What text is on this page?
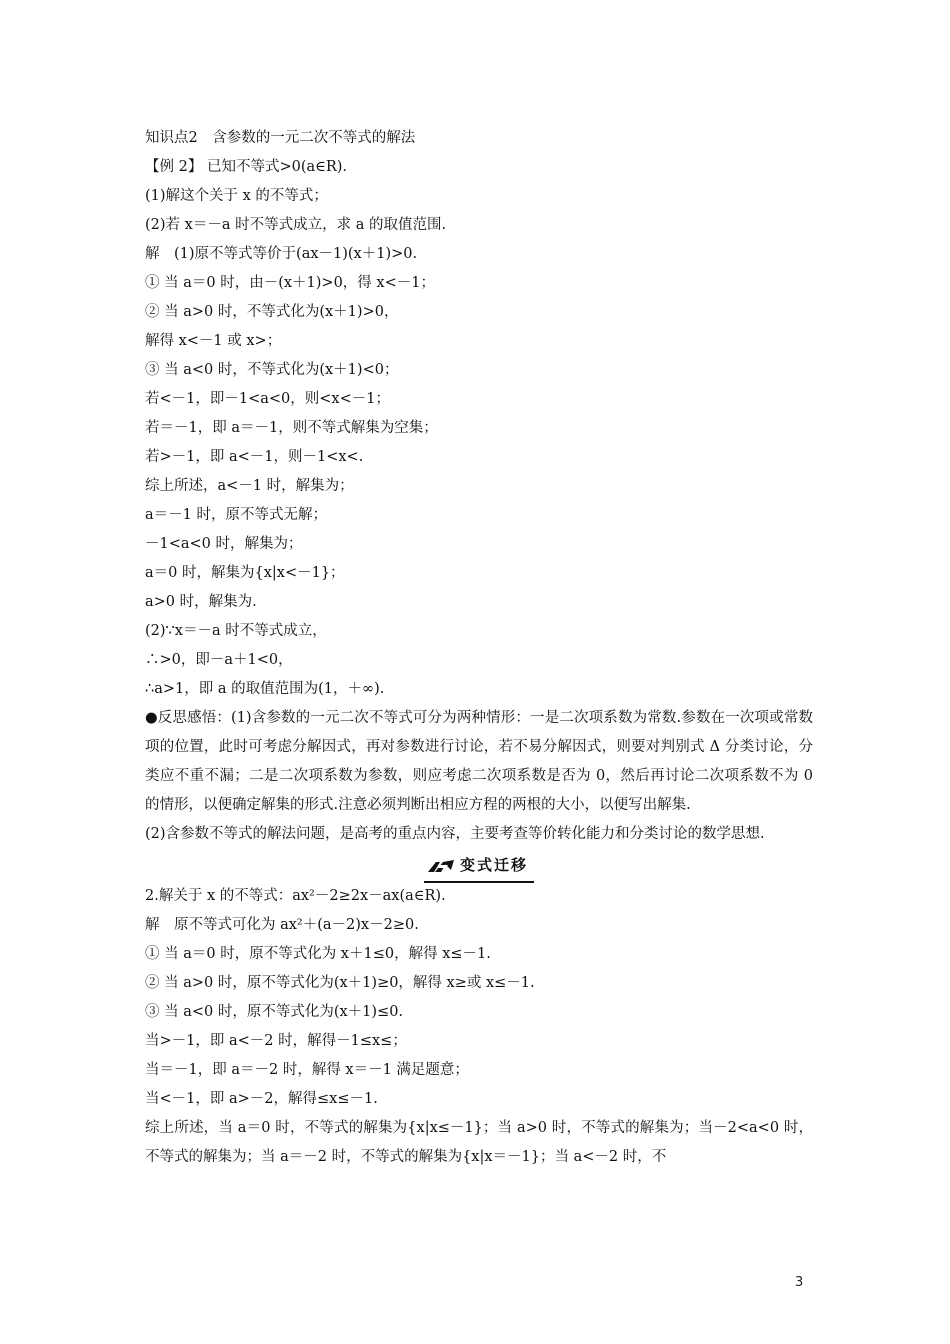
知识点2　含参数的一元二次不等式的解法
【例 2】 已知不等式>0(a∈R).
(1)解这个关于 x 的不等式；
(2)若 x＝－a 时不等式成立，求 a 的取值范围.
解　(1)原不等式等价于(ax－1)(x＋1)>0.
① 当 a＝0 时，由－(x＋1)>0，得 x<－1；
② 当 a>0 时，不等式化为(x＋1)>0，
解得 x<－1 或 x>；
③ 当 a<0 时，不等式化为(x＋1)<0；
若<－1，即－1<a<0，则<x<－1；
若＝－1，即 a＝－1，则不等式解集为空集；
若>－1，即 a<－1，则－1<x<.
综上所述，a<－1 时，解集为；
a＝－1 时，原不等式无解；
－1<a<0 时，解集为；
a＝0 时，解集为{x|x<－1}；
a>0 时，解集为.
(2)∵x＝－a 时不等式成立，
∴>0，即－a＋1<0，
∴a>1，即 a 的取值范围为(1，＋∞).
●反思感悟：(1)含参数的一元二次不等式可分为两种情形：一是二次项系数为常数.参数在一次项或常数项的位置，此时可考虑分解因式，再对参数进行讨论，若不易分解因式，则要对判别式 Δ 分类讨论，分类应不重不漏；二是二次项系数为参数，则应考虑二次项系数是否为 0，然后再讨论二次项系数不为 0 的情形，以便确定解集的形式.注意必须判断出相应方程的两根的大小，以便写出解集.
(2)含参数不等式的解法问题，是高考的重点内容，主要考查等价转化能力和分类讨论的数学思想.
变式迁移
2.解关于 x 的不等式：ax²－2≥2x－ax(a∈R).
解　原不等式可化为 ax²＋(a－2)x－2≥0.
① 当 a＝0 时，原不等式化为 x＋1≤0，解得 x≤－1.
② 当 a>0 时，原不等式化为(x＋1)≥0，解得 x≥或 x≤－1.
③ 当 a<0 时，原不等式化为(x＋1)≤0.
当>－1，即 a<－2 时，解得－1≤x≤；
当＝－1，即 a＝－2 时，解得 x＝－1 满足题意；
当<－1，即 a>－2，解得≤x≤－1.
综上所述，当 a＝0 时，不等式的解集为{x|x≤－1}；当 a>0 时，不等式的解集为；当－2<a<0 时，不等式的解集为；当 a＝－2 时，不等式的解集为{x|x＝－1}；当 a<－2 时，不
3
